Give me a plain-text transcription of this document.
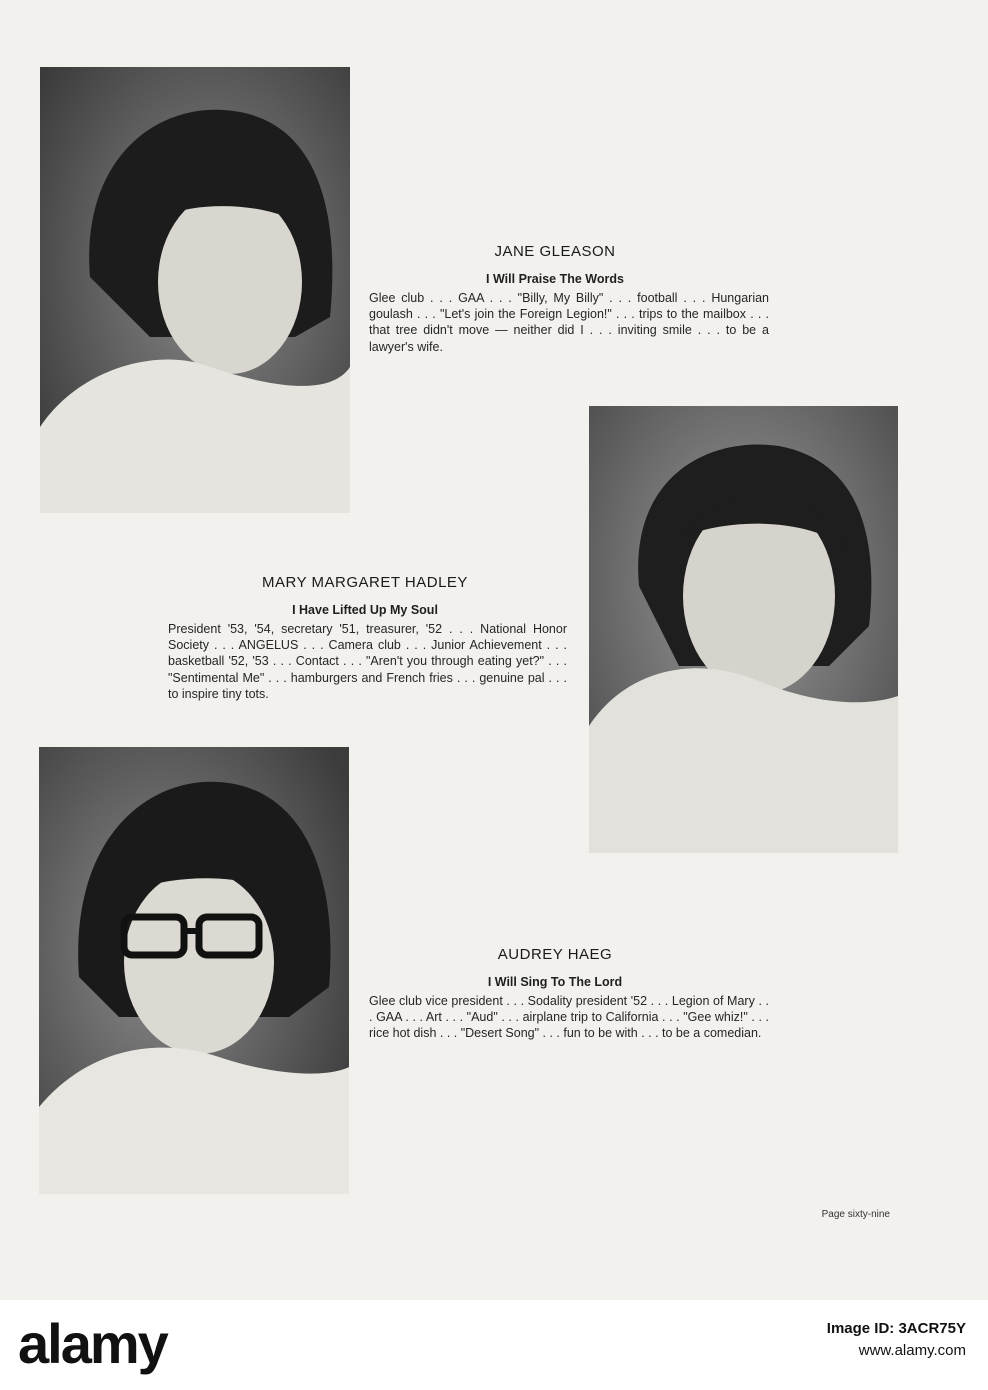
JANE GLEASON
I Will Praise The Words
Glee club . . . GAA . . . "Billy, My Billy" . . . football . . . Hungarian goulash . . . "Let's join the Foreign Legion!" . . . trips to the mailbox . . . that tree didn't move — neither did I . . . inviting smile . . . to be a lawyer's wife.
MARY MARGARET HADLEY
I Have Lifted Up My Soul
President '53, '54, secretary '51, treasurer, '52 . . . National Honor Society . . . ANGELUS . . . Camera club . . . Junior Achievement . . . basketball '52, '53 . . . Contact . . . "Aren't you through eating yet?" . . . "Sentimental Me" . . . hamburgers and French fries . . . genuine pal . . . to inspire tiny tots.
AUDREY HAEG
I Will Sing To The Lord
Glee club vice president . . . Sodality president '52 . . . Legion of Mary . . . GAA . . . Art . . . "Aud" . . . airplane trip to California . . . "Gee whiz!" . . . rice hot dish . . . "Desert Song" . . . fun to be with . . . to be a comedian.
Page sixty-nine
alamy	Image ID: 3ACR75Y
www.alamy.com
